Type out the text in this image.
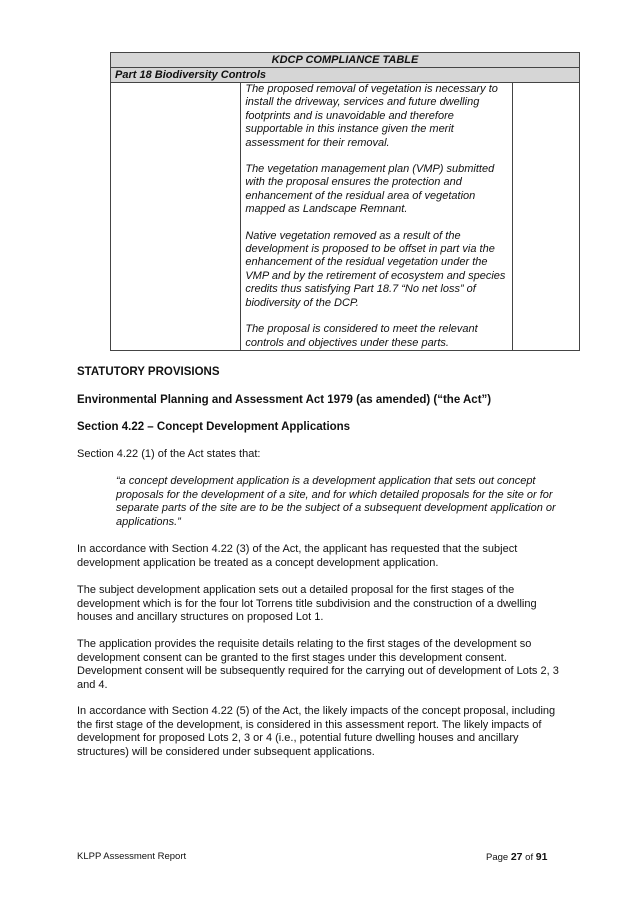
KDCP COMPLIANCE TABLE
Part 18 Biodiversity Controls

The proposed removal of vegetation is necessary to install the driveway, services and future dwelling footprints and is unavoidable and therefore supportable in this instance given the merit assessment for their removal.

The vegetation management plan (VMP) submitted with the proposal ensures the protection and enhancement of the residual area of vegetation mapped as Landscape Remnant.

Native vegetation removed as a result of the development is proposed to be offset in part via the enhancement of the residual vegetation under the VMP and by the retirement of ecosystem and species credits thus satisfying Part 18.7 “No net loss” of biodiversity of the DCP.

The proposal is considered to meet the relevant controls and objectives under these parts.

STATUTORY PROVISIONS
Environmental Planning and Assessment Act 1979 (as amended) (“the Act”)
Section 4.22 – Concept Development Applications
Section 4.22 (1) of the Act states that:
“a concept development application is a development application that sets out concept proposals for the development of a site, and for which detailed proposals for the site or for separate parts of the site are to be the subject of a subsequent development application or applications.”
In accordance with Section 4.22 (3) of the Act, the applicant has requested that the subject development application be treated as a concept development application.
The subject development application sets out a detailed proposal for the first stages of the development which is for the four lot Torrens title subdivision and the construction of a dwelling houses and ancillary structures on proposed Lot 1.
The application provides the requisite details relating to the first stages of the development so development consent can be granted to the first stages under this development consent. Development consent will be subsequently required for the carrying out of development of Lots 2, 3 and 4.
In accordance with Section 4.22 (5) of the Act, the likely impacts of the concept proposal, including the first stage of the development, is considered in this assessment report. The likely impacts of development for proposed Lots 2, 3 or 4 (i.e., potential future dwelling houses and ancillary structures) will be considered under subsequent applications.
KLPP Assessment Report	Page 27 of 91
